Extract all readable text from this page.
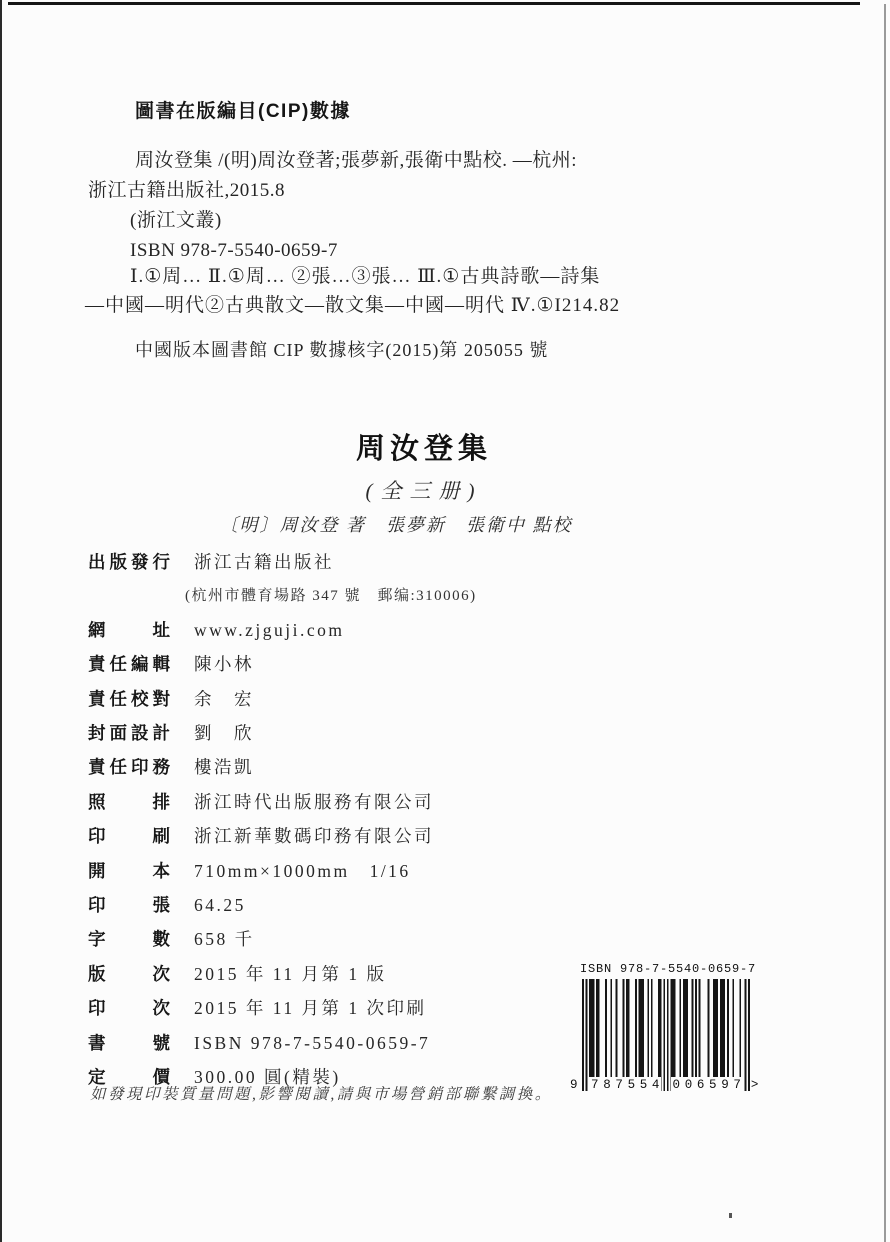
圖書在版編目(CIP)數據
周汝登集 /(明)周汝登著;張夢新,張衛中點校. —杭州:
浙江古籍出版社,2015.8
(浙江文叢)
ISBN 978-7-5540-0659-7
Ⅰ.①周… Ⅱ.①周… ②張…③張… Ⅲ.①古典詩歌—詩集
—中國—明代②古典散文—散文集—中國—明代 Ⅳ.①I214.82
中國版本圖書館 CIP 數據核字(2015)第 205055 號
周汝登集
(全三册)
〔明〕周汝登 著　張夢新　張衛中 點校
出版發行 浙江古籍出版社
(杭州市體育場路 347 號　郵编:310006)
網址 www.zjguji.com
責任編輯 陳小林
責任校對 余　宏
封面設計 劉　欣
責任印務 樓浩凱
照排 浙江時代出版服務有限公司
印刷 浙江新華數碼印務有限公司
開本 710mm×1000mm　1/16
印張 64.25
字數 658 千
版次 2015 年 11 月第 1 版
印次 2015 年 11 月第 1 次印刷
書號 ISBN 978-7-5540-0659-7
定價 300.00 圓(精裝)
如發現印裝質量問題,影響閱讀,請與市場營銷部聯繫調換。
ISBN 978-7-5540-0659-7
9	>
7 8 7 5 5 4 0 0 6 5 9 7
